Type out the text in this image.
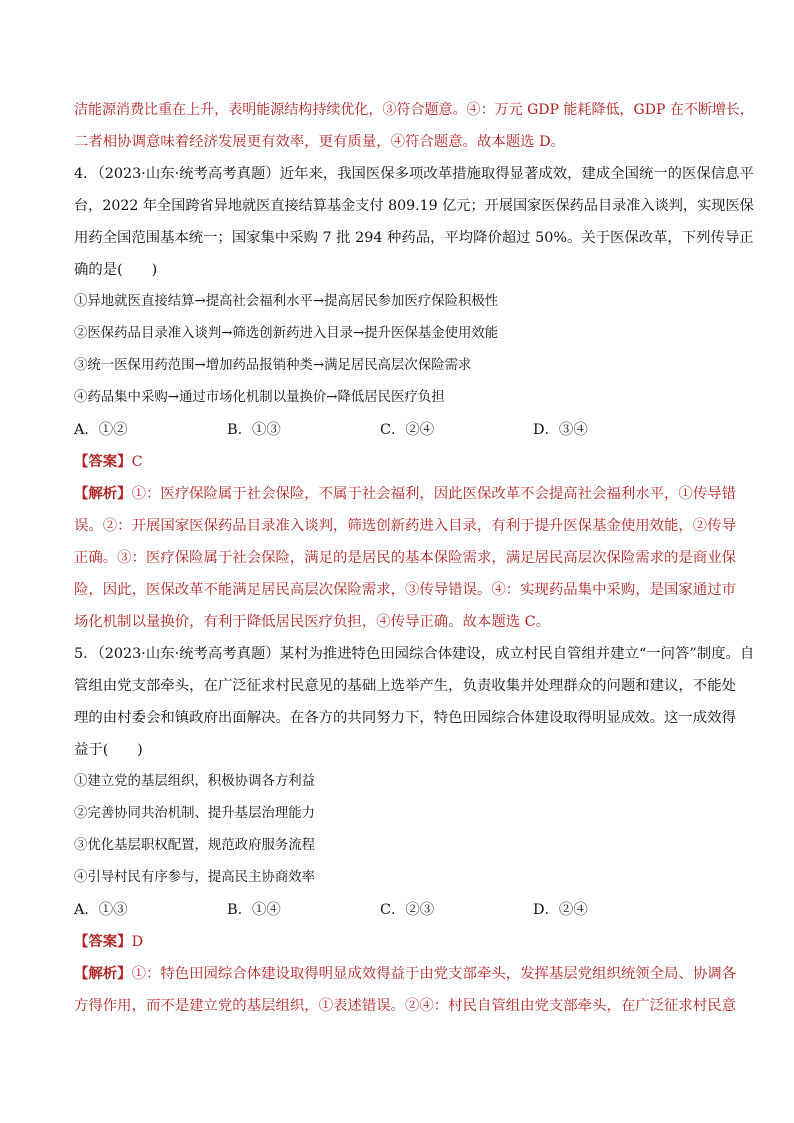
洁能源消费比重在上升，表明能源结构持续优化，③符合题意。④：万元 GDP 能耗降低，GDP 在不断增长，
二者相协调意味着经济发展更有效率，更有质量，④符合题意。故本题选 D。
4．（2023·山东·统考高考真题）近年来，我国医保多项改革措施取得显著成效，建成全国统一的医保信息平
台，2022 年全国跨省异地就医直接结算基金支付 809.19 亿元；开展国家医保药品目录准入谈判，实现医保
用药全国范围基本统一；国家集中采购 7 批 294 种药品，平均降价超过 50%。关于医保改革，下列传导正
确的是(　　)
①异地就医直接结算→提高社会福利水平→提高居民参加医疗保险积极性
②医保药品目录准入谈判→筛选创新药进入目录→提升医保基金使用效能
③统一医保用药范围→增加药品报销种类→满足居民高层次保险需求
④药品集中采购→通过市场化机制以量换价→降低居民医疗负担
A．①②	B．①③	C．②④	D．③④
【答案】C
【解析】①：医疗保险属于社会保险，不属于社会福利，因此医保改革不会提高社会福利水平，①传导错
误。②：开展国家医保药品目录准入谈判，筛选创新药进入目录，有利于提升医保基金使用效能，②传导
正确。③：医疗保险属于社会保险，满足的是居民的基本保险需求，满足居民高层次保险需求的是商业保
险，因此，医保改革不能满足居民高层次保险需求，③传导错误。④：实现药品集中采购，是国家通过市
场化机制以量换价，有利于降低居民医疗负担，④传导正确。故本题选 C。
5．（2023·山东·统考高考真题）某村为推进特色田园综合体建设，成立村民自管组并建立“一问答”制度。自
管组由党支部牵头，在广泛征求村民意见的基础上选举产生，负责收集并处理群众的问题和建议，不能处
理的由村委会和镇政府出面解决。在各方的共同努力下，特色田园综合体建设取得明显成效。这一成效得
益于(　　)
①建立党的基层组织，积极协调各方利益
②完善协同共治机制、提升基层治理能力
③优化基层职权配置，规范政府服务流程
④引导村民有序参与，提高民主协商效率
A．①③	B．①④	C．②③	D．②④
【答案】D
【解析】①：特色田园综合体建设取得明显成效得益于由党支部牵头，发挥基层党组织统领全局、协调各
方得作用，而不是建立党的基层组织，①表述错误。②④：村民自管组由党支部牵头，在广泛征求村民意
